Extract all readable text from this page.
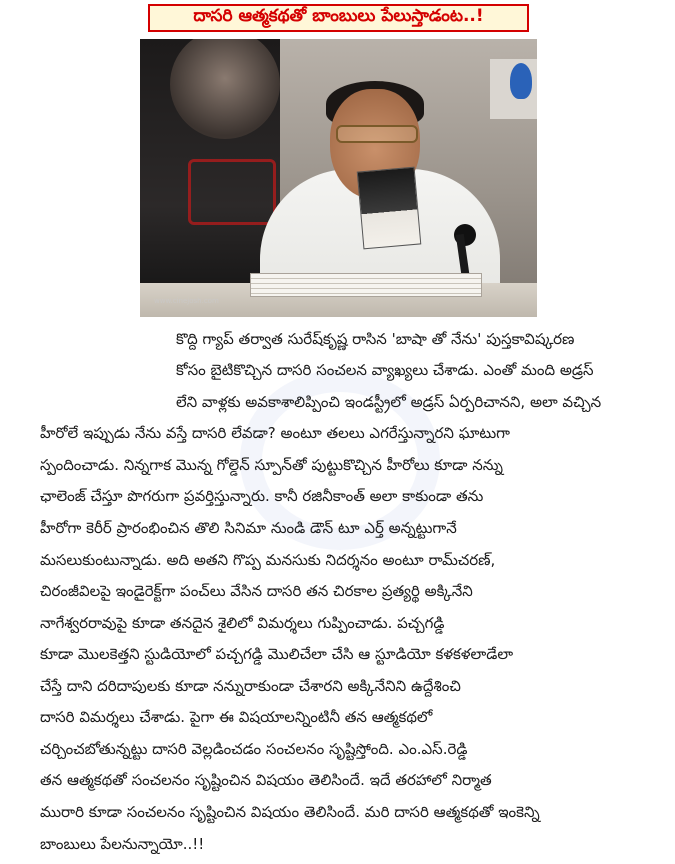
దాసరి ఆత్మకథతో బాంబులు పేలుస్తాడంట..!
www.cinejosh.com
కొద్ది గ్యాప్ తర్వాత సురేష్‌కృష్ణ రాసిన 'బాషా తో నేను' పుస్తకావిష్కరణ
కోసం బైటికొచ్చిన దాసరి సంచలన వ్యాఖ్యలు చేశాడు. ఎంతో మంది అడ్రస్
లేని వాళ్లకు అవకాశాలిప్పించి ఇండస్ట్రీలో అడ్రస్ ఏర్పరిచానని, అలా వచ్చిన
హీరోలే ఇప్పుడు నేను వస్తే దాసరి లేవడా? అంటూ తలలు ఎగరేస్తున్నారని ఘాటుగా
స్పందించాడు. నిన్నగాక మొన్న గోల్డెన్ స్పూన్‌తో పుట్టుకొచ్చిన హీరోలు కూడా నన్ను
ఛాలెంజ్ చేస్తూ పొగరుగా ప్రవర్తిస్తున్నారు. కానీ రజినీకాంత్ అలా కాకుండా తను
హీరోగా కెరీర్ ప్రారంభించిన తొలి సినిమా నుండి డౌన్ టూ ఎర్త్ అన్నట్టుగానే
మసలుకుంటున్నాడు. అది అతని గొప్ప మనసుకు నిదర్శనం అంటూ రామ్‌చరణ్,
చిరంజీవిలపై ఇండైరెక్ట్‌గా పంచ్‌లు వేసిన దాసరి తన చిరకాల ప్రత్యర్థి అక్కినేని
నాగేశ్వరరావుపై కూడా తనదైన శైలిలో విమర్శలు గుప్పించాడు. పచ్చగడ్డి
కూడా మొలకెత్తని స్టుడియోలో పచ్చగడ్డి మొలిచేలా చేసి ఆ స్టూడియో కళకళలాడేలా
చేస్తే దాని దరిదాపులకు కూడా నన్నురాకుండా చేశారని అక్కినేనిని ఉద్దేశించి
దాసరి విమర్శలు చేశాడు. పైగా ఈ విషయాలన్నింటినీ తన ఆత్మకథలో
చర్చించబోతున్నట్టు దాసరి వెల్లడించడం సంచలనం సృష్టిస్తోంది. ఎం.ఎస్.రెడ్డి
తన ఆత్మకథతో సంచలనం సృష్టించిన విషయం తెలిసిందే. ఇదే తరహాలో నిర్మాత
మురారి కూడా సంచలనం సృష్టించిన విషయం తెలిసిందే. మరి దాసరి ఆత్మకథతో ఇంకెన్ని
బాంబులు పేలనున్నాయో..!!
